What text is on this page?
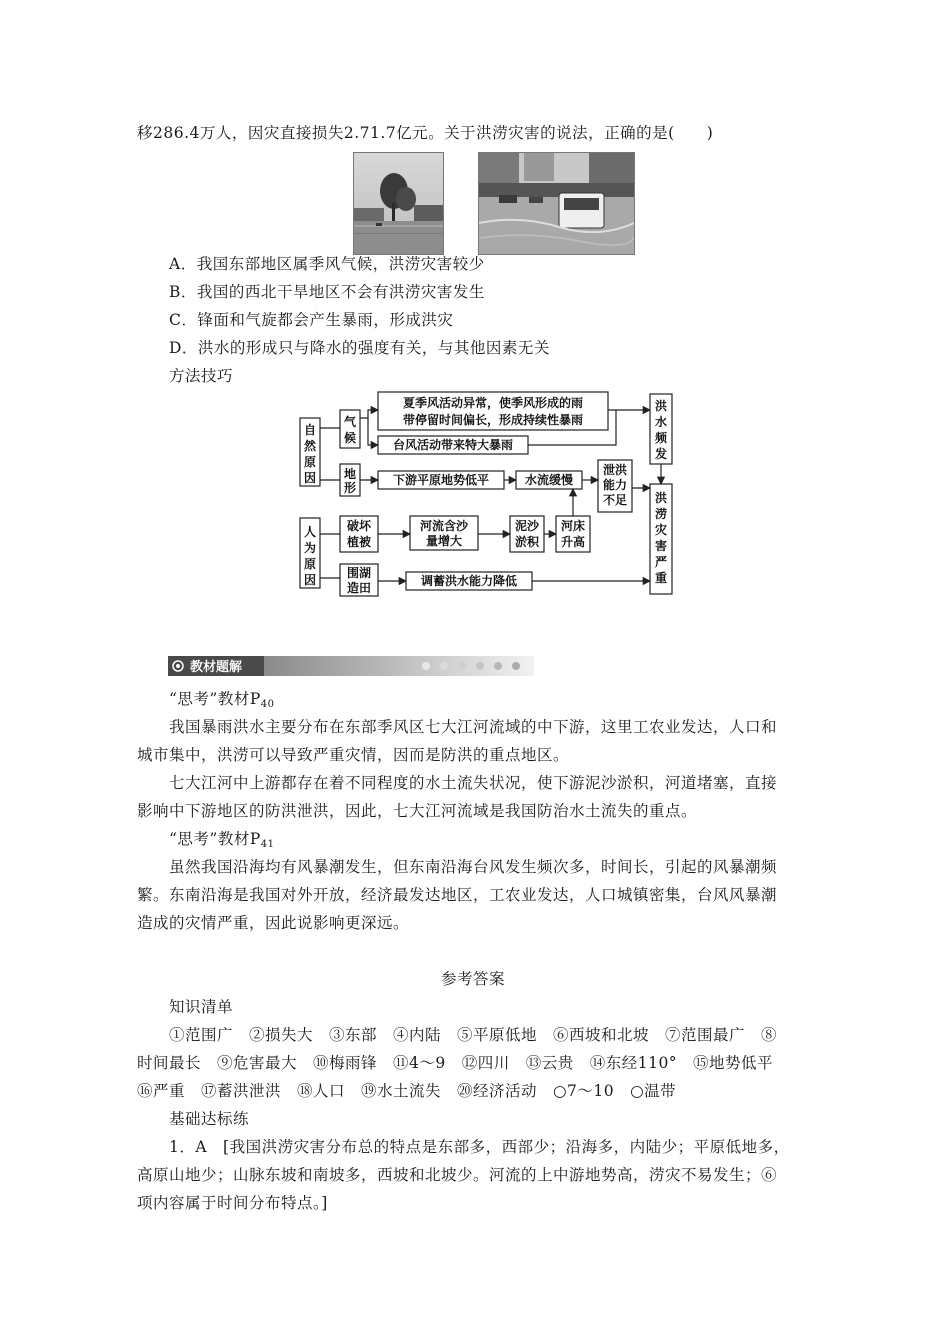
移286.4万人，因灾直接损失2.71.7亿元。关于洪涝灾害的说法，正确的是(　　)
A．我国东部地区属季风气候，洪涝灾害较少
B．我国的西北干旱地区不会有洪涝灾害发生
C．锋面和气旋都会产生暴雨，形成洪灾
D．洪水的形成只与降水的强度有关，与其他因素无关
方法技巧
自
然
原
因
气
候
地
形
夏季风活动异常，使季风形成的雨
带停留时间偏长，形成持续性暴雨
台风活动带来特大暴雨
洪
水
频
发
下游平原地势低平	水流缓慢
泄洪
能力
不足 洪
涝
灾
害
严
重
人
为
原
因
破坏
植被
围湖
造田
河流含沙
量增大
泥沙
淤积
河床
升高
调蓄洪水能力降低
教材题解
“思考”教材$P_{40}$
我国暴雨洪水主要分布在东部季风区七大江河流域的中下游，这里工农业发达，人口和
城市集中，洪涝可以导致严重灾情，因而是防洪的重点地区。
七大江河中上游都存在着不同程度的水土流失状况，使下游泥沙淤积，河道堵塞，直接
影响中下游地区的防洪泄洪，因此，七大江河流域是我国防治水土流失的重点。
“思考”教材$P_{41}$
虽然我国沿海均有风暴潮发生，但东南沿海台风发生频次多，时间长，引起的风暴潮频
繁。东南沿海是我国对外开放，经济最发达地区，工农业发达，人口城镇密集，台风风暴潮
造成的灾情严重，因此说影响更深远。
参考答案
知识清单
①范围广　②损失大　③东部　④内陆　⑤平原低地　⑥西坡和北坡　⑦范围最广　⑧
时间最长　⑨危害最大　⑩梅雨锋　⑪4～9　⑫四川　⑬云贵　⑭东经110°　⑮地势低平
⑯严重　⑰蓄洪泄洪　⑱人口　⑲水土流失　⑳经济活动　○7～10　○温带
基础达标练
1．A　[我国洪涝灾害分布总的特点是东部多，西部少；沿海多，内陆少；平原低地多，
高原山地少；山脉东坡和南坡多，西坡和北坡少。河流的上中游地势高，涝灾不易发生；⑥
项内容属于时间分布特点。]
